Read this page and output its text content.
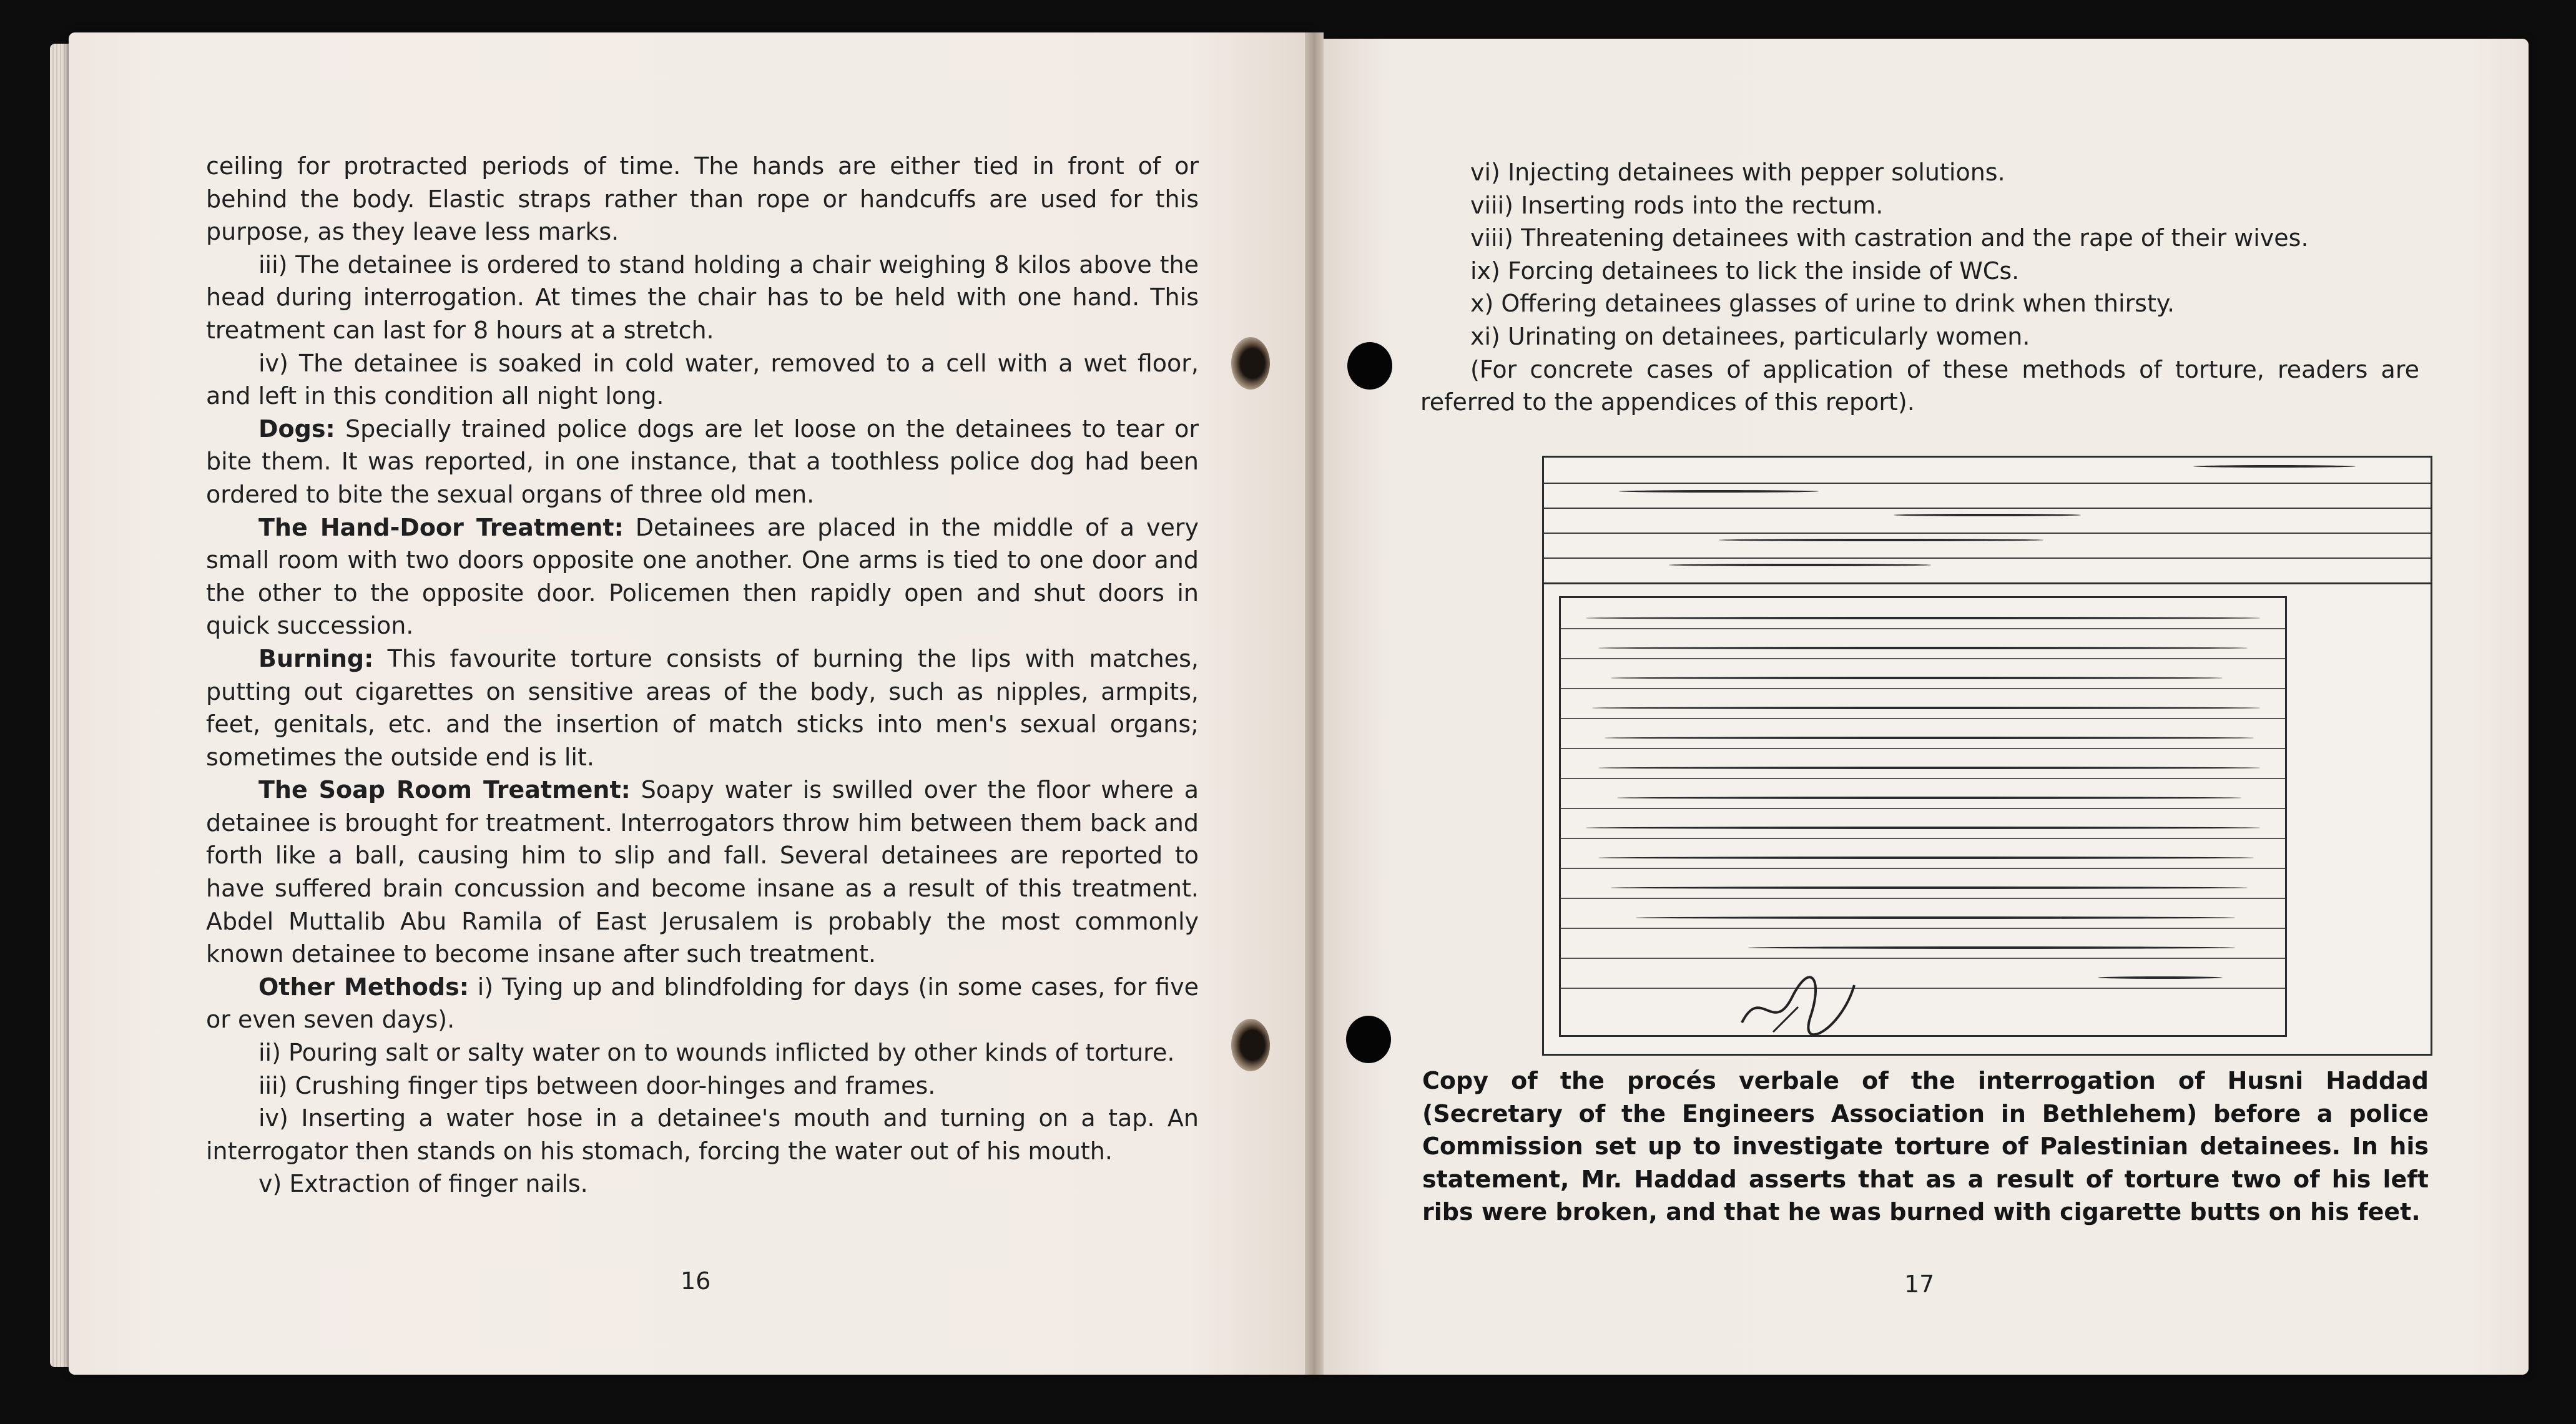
ceiling for protracted periods of time. The hands are either tied in front of or behind the body. Elastic straps rather than rope or handcuffs are used for this purpose, as they leave less marks.

iii) The detainee is ordered to stand holding a chair weighing 8 kilos above the head during interrogation. At times the chair has to be held with one hand. This treatment can last for 8 hours at a stretch.

iv) The detainee is soaked in cold water, removed to a cell with a wet floor, and left in this condition all night long.

Dogs: Specially trained police dogs are let loose on the detainees to tear or bite them. It was reported, in one instance, that a toothless police dog had been ordered to bite the sexual organs of three old men.

The Hand-Door Treatment: Detainees are placed in the middle of a very small room with two doors opposite one another. One arms is tied to one door and the other to the opposite door. Policemen then rapidly open and shut doors in quick succession.

Burning: This favourite torture consists of burning the lips with matches, putting out cigarettes on sensitive areas of the body, such as nipples, armpits, feet, genitals, etc. and the insertion of match sticks into men's sexual organs; sometimes the outside end is lit.

The Soap Room Treatment: Soapy water is swilled over the floor where a detainee is brought for treatment. Interrogators throw him between them back and forth like a ball, causing him to slip and fall. Several detainees are reported to have suffered brain concussion and become insane as a result of this treatment. Abdel Muttalib Abu Ramila of East Jerusalem is probably the most commonly known detainee to become insane after such treatment.

Other Methods: i) Tying up and blindfolding for days (in some cases, for five or even seven days).

ii) Pouring salt or salty water on to wounds inflicted by other kinds of torture.

iii) Crushing finger tips between door-hinges and frames.

iv) Inserting a water hose in a detainee's mouth and turning on a tap. An interrogator then stands on his stomach, forcing the water out of his mouth.

v) Extraction of finger nails.

16

vi) Injecting detainees with pepper solutions.

viii) Inserting rods into the rectum.

viii) Threatening detainees with castration and the rape of their wives.

ix) Forcing detainees to lick the inside of WCs.

x) Offering detainees glasses of urine to drink when thirsty.

xi) Urinating on detainees, particularly women.

(For concrete cases of application of these methods of torture, readers are referred to the appendices of this report).

Copy of the procés verbale of the interrogation of Husni Haddad (Secretary of the Engineers Association in Bethlehem) before a police Commission set up to investigate torture of Palestinian detainees. In his statement, Mr. Haddad asserts that as a result of torture two of his left ribs were broken, and that he was burned with cigarette butts on his feet.
17
